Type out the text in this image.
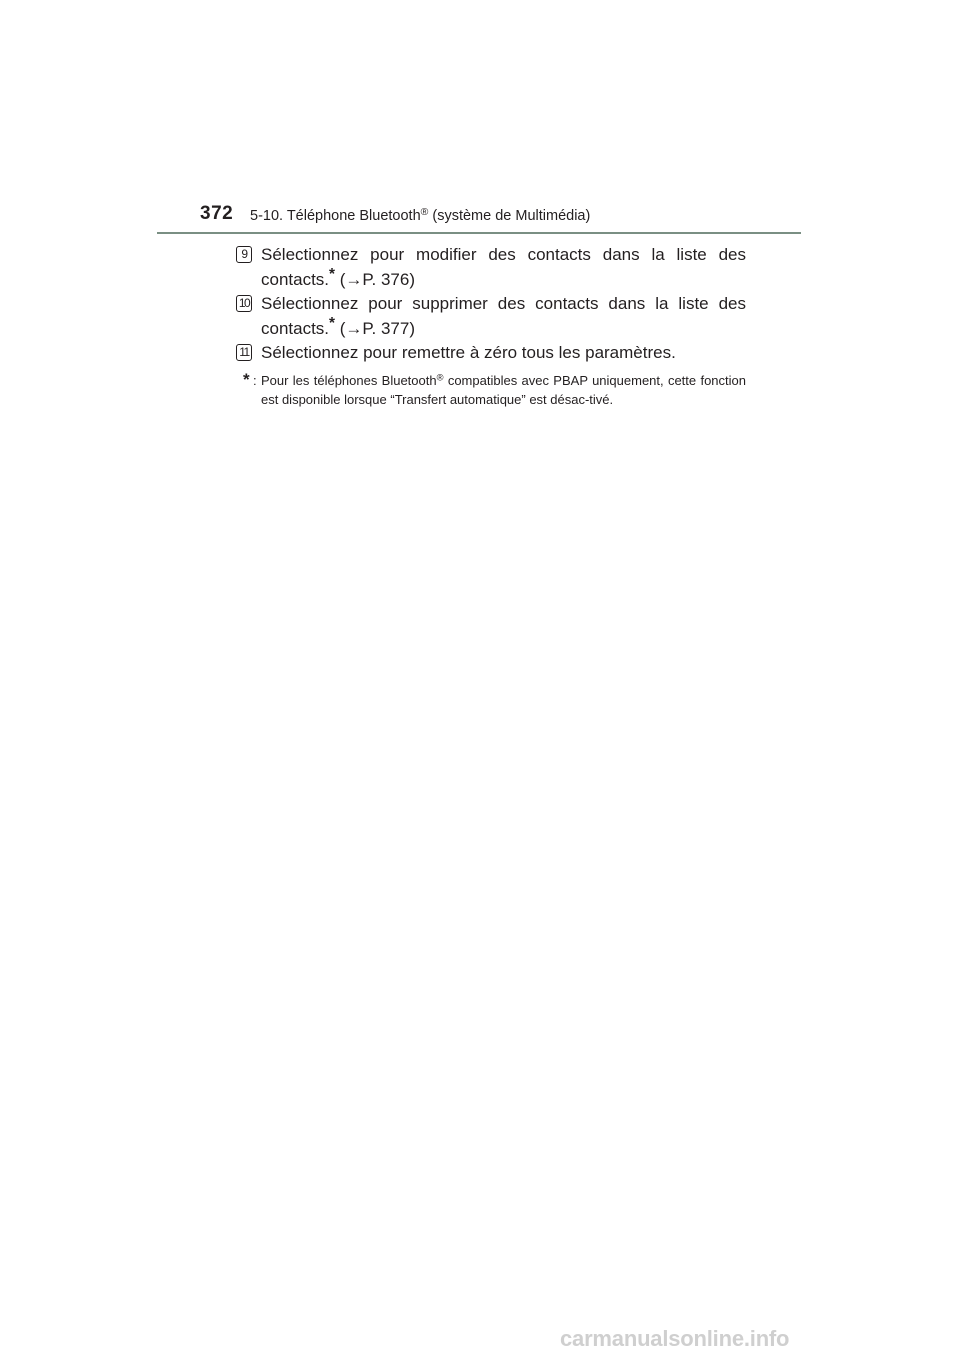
372 5-10. Téléphone Bluetooth® (système de Multimédia)
9 Sélectionnez pour modifier des contacts dans la liste des contacts.* (→P. 376)
10 Sélectionnez pour supprimer des contacts dans la liste des contacts.* (→P. 377)
11 Sélectionnez pour remettre à zéro tous les paramètres.
* : Pour les téléphones Bluetooth® compatibles avec PBAP uniquement, cette fonction est disponible lorsque “Transfert automatique” est désac-tivé.
carmanualsonline.info
